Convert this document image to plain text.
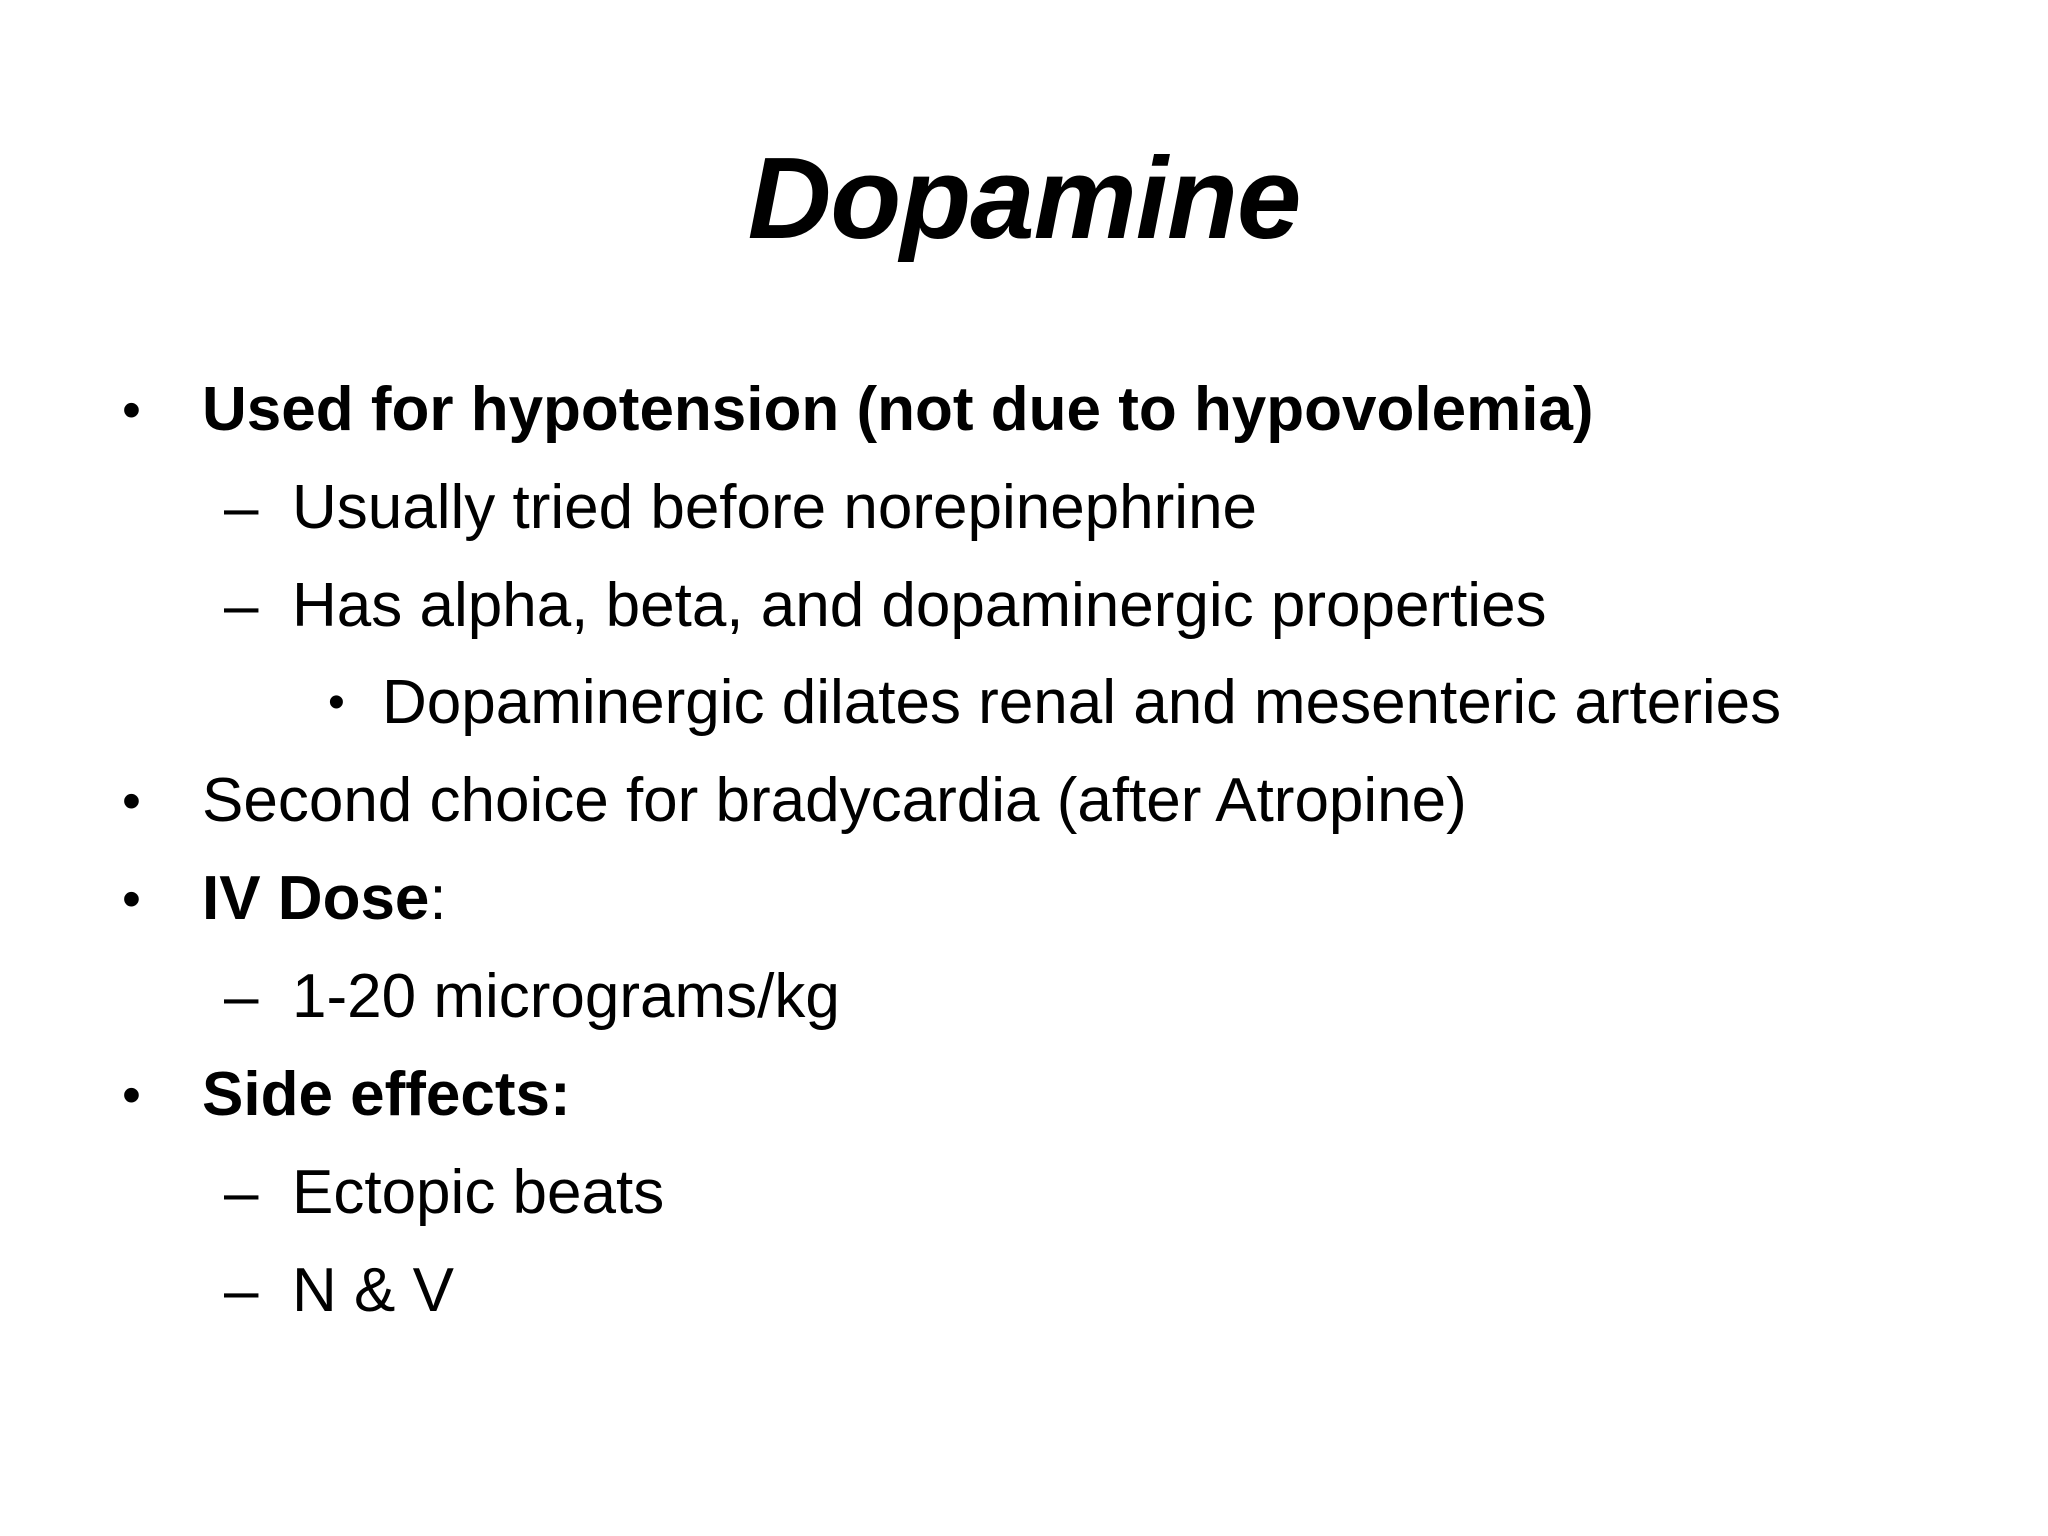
Dopamine
• Used for hypotension (not due to hypovolemia)
– Usually tried before norepinephrine
– Has alpha, beta, and dopaminergic properties
• Dopaminergic dilates renal and mesenteric arteries
• Second choice for bradycardia (after Atropine)
• IV Dose:
– 1-20 micrograms/kg
• Side effects:
– Ectopic beats
– N & V
